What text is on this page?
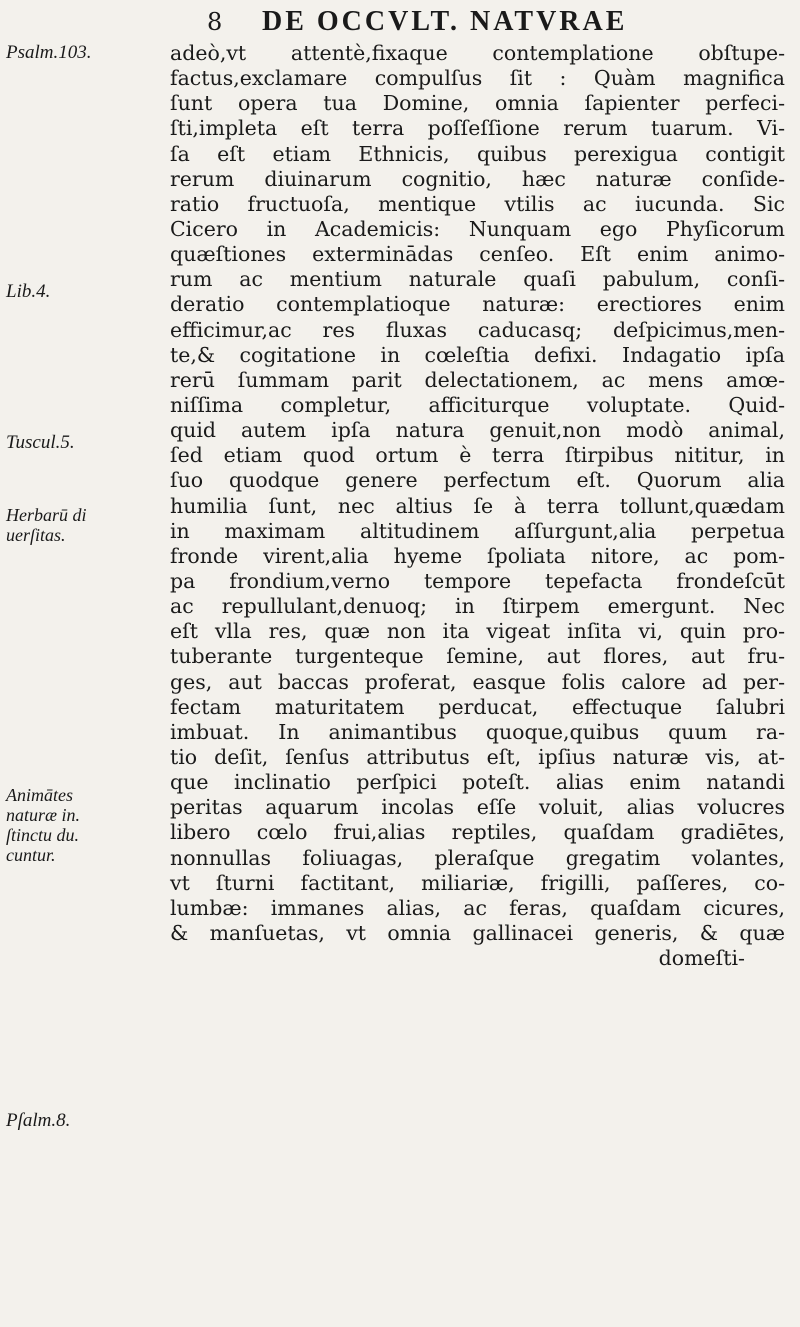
8 DE OCCVLT. NATVRAE
Psalm.103.
Lib.4.
Tuscul.5.
Herbarū di
uerſitas.
Animātes
naturæ in.
ſtinctu du.
cuntur.
Pſalm.8.
adeò,vt attentè,fixaque contemplatione obſtupe-
factus,exclamare compulſus ſit : Quàm magnifica
ſunt opera tua Domine, omnia ſapienter perfeci-
ſti,impleta eſt terra poſſeſſione rerum tuarum. Vi-
ſa eſt etiam Ethnicis, quibus perexigua contigit
rerum diuinarum cognitio, hæc naturæ conſide-
ratio fructuoſa, mentique vtilis ac iucunda. Sic
Cicero in Academicis: Nunquam ego Phyſicorum
quæſtiones exterminādas cenſeo. Eſt enim animo-
rum ac mentium naturale quaſi pabulum, conſi-
deratio contemplatioque naturæ: erectiores enim
efficimur,ac res fluxas caducasq; deſpicimus,men-
te,& cogitatione in cœleſtia defixi. Indagatio ipſa
rerū ſummam parit delectationem, ac mens amœ-
niſſima completur, afficiturque voluptate. Quid-
quid autem ipſa natura genuit,non modò animal,
ſed etiam quod ortum è terra ſtirpibus nititur, in
ſuo quodque genere perfectum eſt. Quorum alia
humilia ſunt, nec altius ſe à terra tollunt,quædam
in maximam altitudinem aſſurgunt,alia perpetua
fronde virent,alia hyeme ſpoliata nitore, ac pom-
pa frondium,verno tempore tepefacta frondeſcūt
ac repullulant,denuoq; in ſtirpem emergunt. Nec
eſt vlla res, quæ non ita vigeat inſita vi, quin pro-
tuberante turgenteque ſemine, aut flores, aut fru-
ges, aut baccas proferat, easque folis calore ad per-
fectam maturitatem perducat, effectuque ſalubri
imbuat. In animantibus quoque,quibus quum ra-
tio deſit, ſenſus attributus eſt, ipſius naturæ vis, at-
que inclinatio perſpici poteſt. alias enim natandi
peritas aquarum incolas eſſe voluit, alias volucres
libero cœlo frui,alias reptiles, quaſdam gradiētes,
nonnullas foliuagas, pleraſque gregatim volantes,
vt ſturni factitant, miliariæ, frigilli, paſſeres, co-
lumbæ: immanes alias, ac feras, quaſdam cicures,
& manſuetas, vt omnia gallinacei generis, & quæ
domeſti-
